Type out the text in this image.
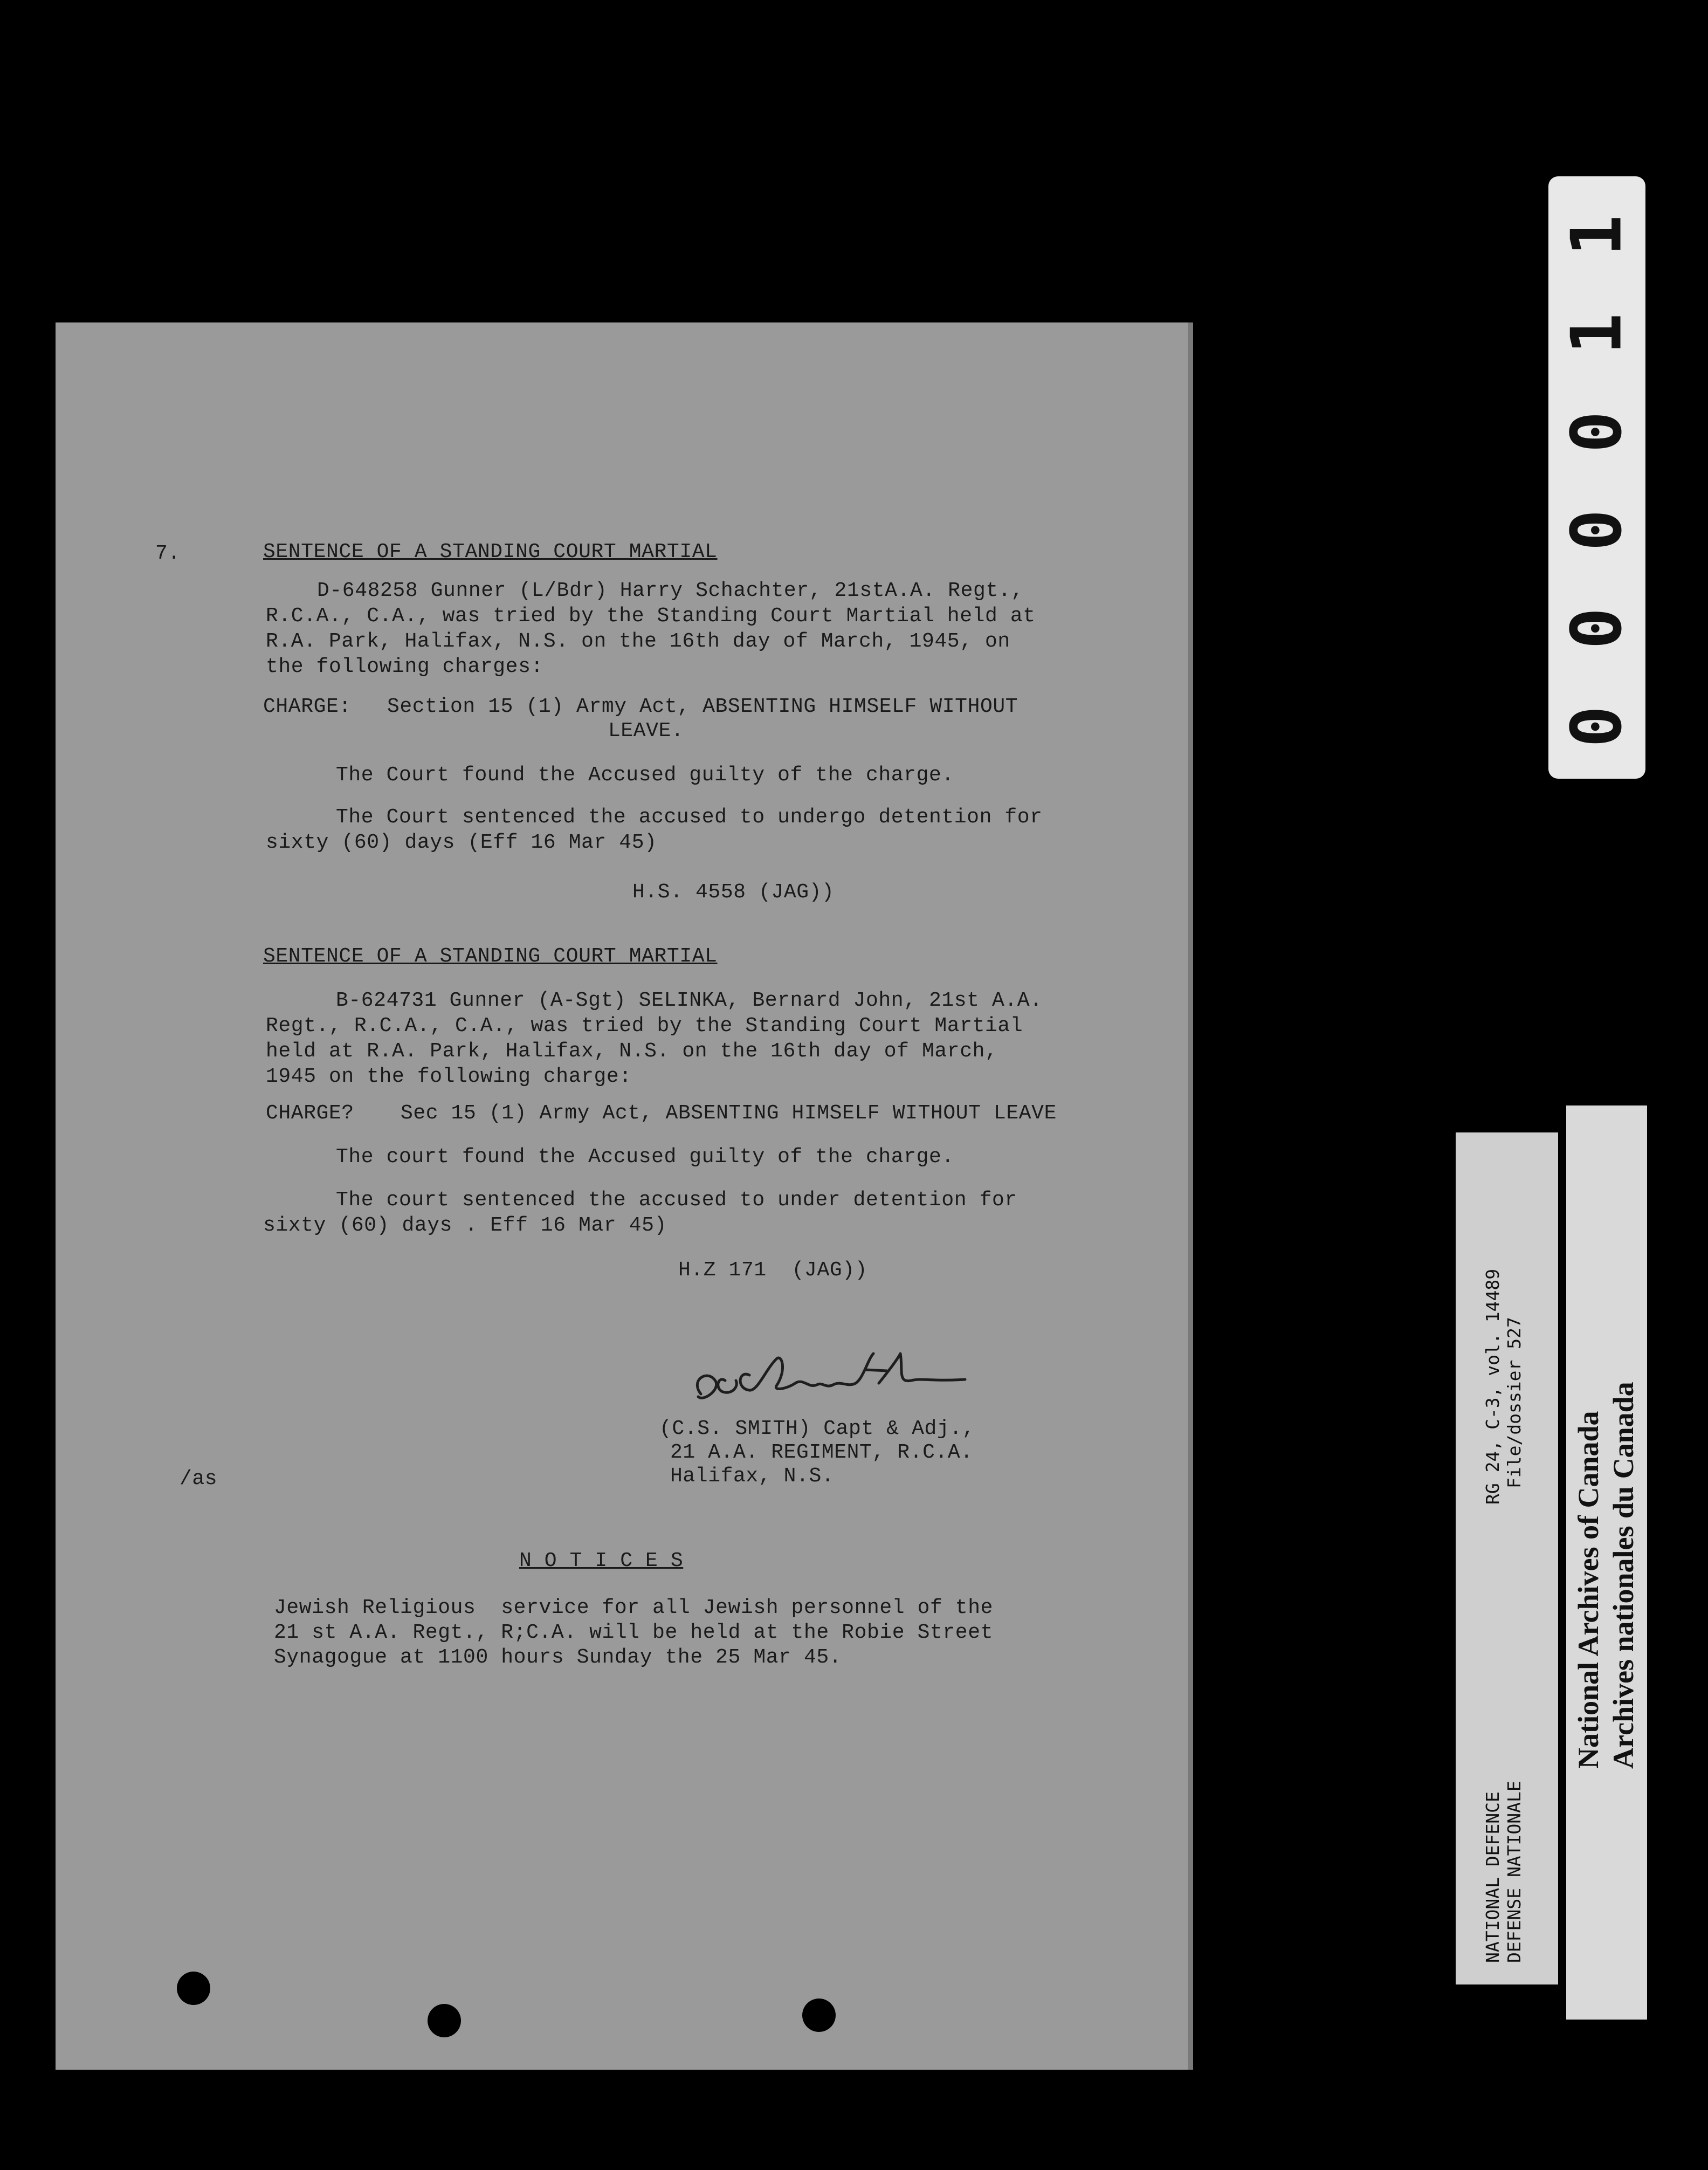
7.	SENTENCE OF A STANDING COURT MARTIAL
D-648258 Gunner (L/Bdr) Harry Schachter, 21stA.A. Regt.,
R.C.A., C.A., was tried by the Standing Court Martial held at
R.A. Park, Halifax, N.S. on the 16th day of March, 1945, on
the following charges:
CHARGE: Section 15 (1) Army Act, ABSENTING HIMSELF WITHOUT
LEAVE.
The Court found the Accused guilty of the charge.
The Court sentenced the accused to undergo detention for
sixty (60) days (Eff 16 Mar 45)
H.S. 4558 (JAG))
SENTENCE OF A STANDING COURT MARTIAL
B-624731 Gunner (A-Sgt) SELINKA, Bernard John, 21st A.A.
Regt., R.C.A., C.A., was tried by the Standing Court Martial
held at R.A. Park, Halifax, N.S. on the 16th day of March,
1945 on the following charge:
CHARGE? Sec 15 (1) Army Act, ABSENTING HIMSELF WITHOUT LEAVE
The court found the Accused guilty of the charge.
The court sentenced the accused to under detention for
sixty (60) days . Eff 16 Mar 45)
H.Z 171  (JAG))
(C.S. SMITH) Capt & Adj.,
21 A.A. REGIMENT, R.C.A.
Halifax, N.S.
/as
N O T I C E S
Jewish Religious  service for all Jewish personnel of the
21 st A.A. Regt., R;C.A. will be held at the Robie Street
Synagogue at 1100 hours Sunday the 25 Mar 45.
0 0 0 0 1 1
NATIONAL DEFENCE DEFENSE NATIONALE
RG 24, C-3, vol. 14489 File/dossier 527
National Archives of Canada Archives nationales du Canada
